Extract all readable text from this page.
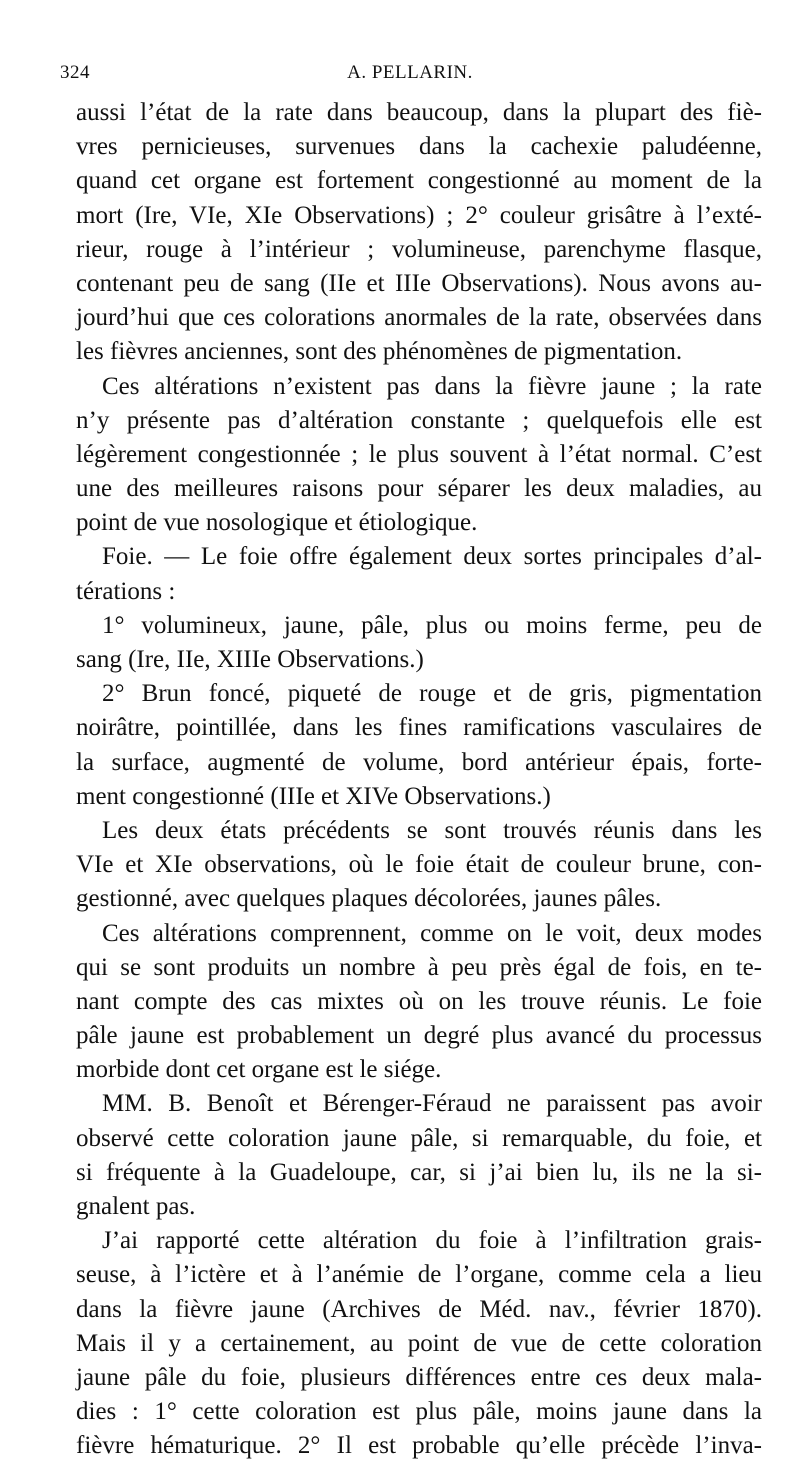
324	A. PELLARIN.
aussi l’état de la rate dans beaucoup, dans la plupart des fiè-
vres pernicieuses, survenues dans la cachexie paludéenne,
quand cet organe est fortement congestionné au moment de la
mort (Ire, VIe, XIe Observations) ; 2° couleur grisâtre à l’exté-
rieur, rouge à l’intérieur ; volumineuse, parenchyme flasque,
contenant peu de sang (IIe et IIIe Observations). Nous avons au-
jourd’hui que ces colorations anormales de la rate, observées dans
les fièvres anciennes, sont des phénomènes de pigmentation.
Ces altérations n’existent pas dans la fièvre jaune ; la rate
n’y présente pas d’altération constante ; quelquefois elle est
légèrement congestionnée ; le plus souvent à l’état normal. C’est
une des meilleures raisons pour séparer les deux maladies, au
point de vue nosologique et étiologique.
Foie. — Le foie offre également deux sortes principales d’al-
térations :
1° volumineux, jaune, pâle, plus ou moins ferme, peu de
sang (Ire, IIe, XIIIe Observations.)
2° Brun foncé, piqueté de rouge et de gris, pigmentation
noirâtre, pointillée, dans les fines ramifications vasculaires de
la surface, augmenté de volume, bord antérieur épais, forte-
ment congestionné (IIIe et XIVe Observations.)
Les deux états précédents se sont trouvés réunis dans les
VIe et XIe observations, où le foie était de couleur brune, con-
gestionné, avec quelques plaques décolorées, jaunes pâles.
Ces altérations comprennent, comme on le voit, deux modes
qui se sont produits un nombre à peu près égal de fois, en te-
nant compte des cas mixtes où on les trouve réunis. Le foie
pâle jaune est probablement un degré plus avancé du processus
morbide dont cet organe est le siége.
MM. B. Benoît et Bérenger-Féraud ne paraissent pas avoir
observé cette coloration jaune pâle, si remarquable, du foie, et
si fréquente à la Guadeloupe, car, si j’ai bien lu, ils ne la si-
gnalent pas.
J’ai rapporté cette altération du foie à l’infiltration grais-
seuse, à l’ictère et à l’anémie de l’organe, comme cela a lieu
dans la fièvre jaune (Archives de Méd. nav., février 1870).
Mais il y a certainement, au point de vue de cette coloration
jaune pâle du foie, plusieurs différences entre ces deux mala-
dies : 1° cette coloration est plus pâle, moins jaune dans la
fièvre hématurique. 2° Il est probable qu’elle précède l’inva-
